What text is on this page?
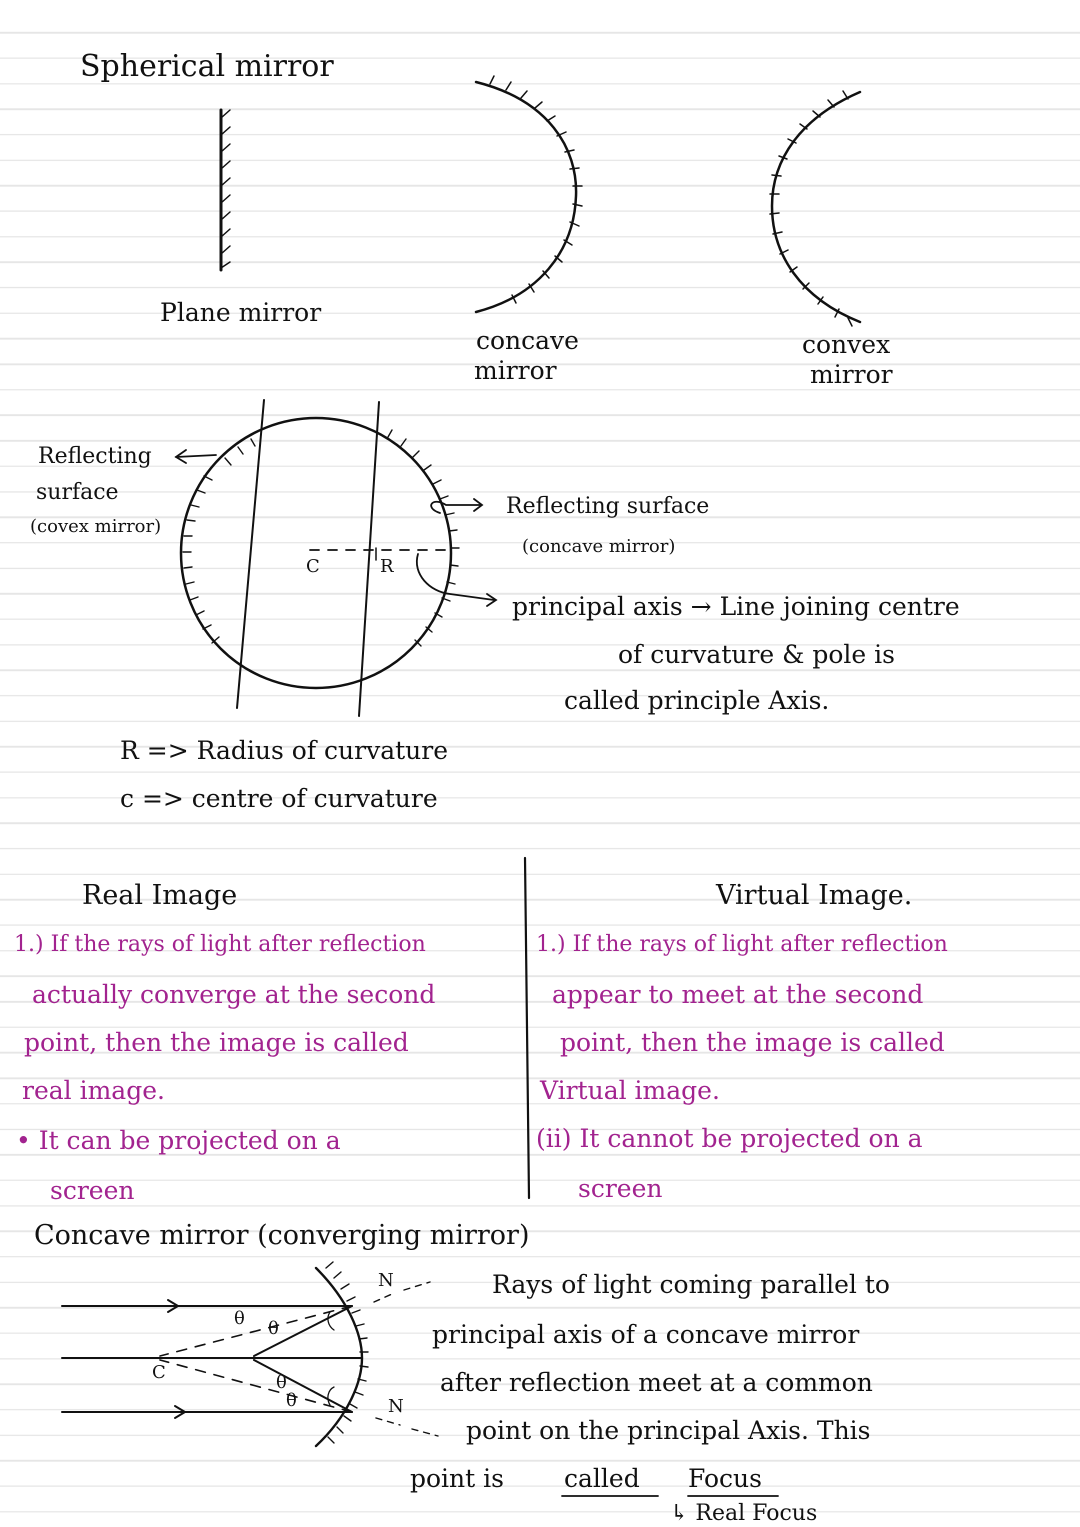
Spherical mirror
Plane mirror
concave
mirror
convex
mirror
Reflecting
surface
(covex mirror)
Reflecting surface
(concave mirror)
C	R
principal axis → Line joining centre
of curvature & pole is
called principle Axis.
R => Radius of curvature
c => centre of curvature
Real Image
1.) If the rays of light after reflection
actually converge at the second
point, then the image is called
real image.
• It can be projected on a
screen
Virtual Image.
1.) If the rays of light after reflection
appear to meet at the second
point, then the image is called
Virtual image.
(ii) It cannot be projected on a
screen
Concave mirror (converging mirror)
C
N
N
θ θ
θ
θ
Rays of light coming parallel to
principal axis of a concave mirror
after reflection meet at a common
point on the principal Axis. This
point is called Focus
↳ Real Focus
